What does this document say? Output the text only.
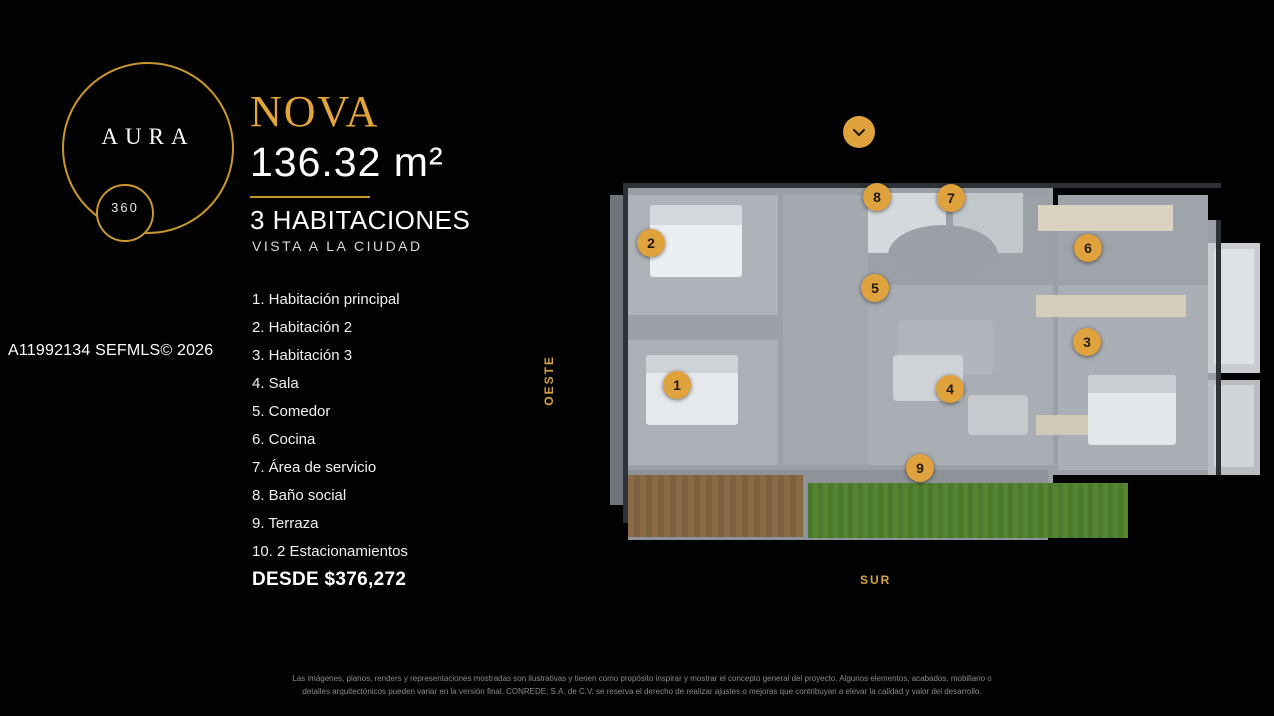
AURA
360
NOVA
136.32 m²
3 HABITACIONES
VISTA A LA CIUDAD
A11992134 SEFMLS© 2026
1. Habitación principal
2. Habitación 2
3. Habitación 3
4. Sala
5. Comedor
6. Cocina
7. Área de servicio
8. Baño social
9. Terraza
10. 2 Estacionamientos
DESDE $376,272
1
2
3
4
5
6
7
8
9
OESTE
SUR
Las imágenes, planos, renders y representaciones mostradas son ilustrativas y tienen como propósito inspirar y mostrar el concepto general del proyecto. Algunos elementos, acabados, mobiliario o
detalles arquitectónicos pueden variar en la versión final. CONREDE, S.A. de C.V. se reserva el derecho de realizar ajustes o mejoras que contribuyan a elevar la calidad y valor del desarrollo.
